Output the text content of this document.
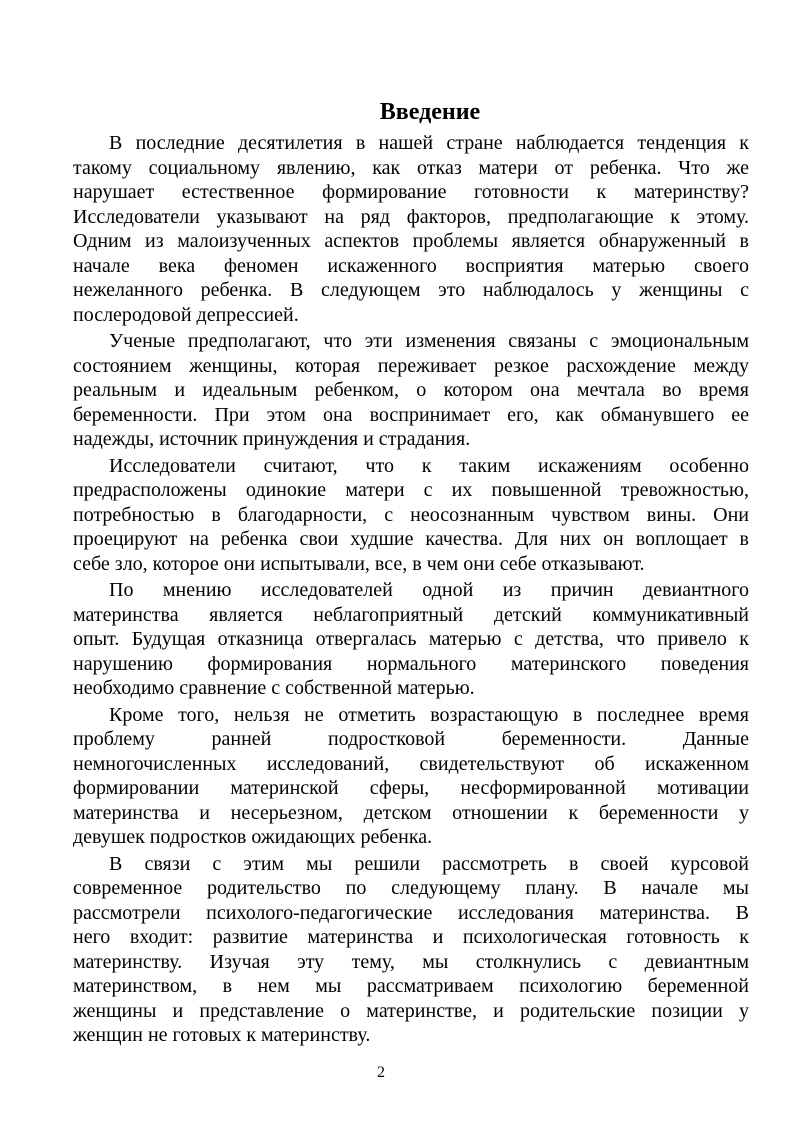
Введение
В последние десятилетия в нашей стране наблюдается тенденция к
такому социальному явлению, как отказ матери от ребенка. Что же
нарушает естественное формирование готовности к материнству?
Исследователи указывают на ряд факторов, предполагающие к этому.
Одним из малоизученных аспектов проблемы является обнаруженный в
начале века феномен искаженного восприятия матерью своего
нежеланного ребенка. В следующем это наблюдалось у женщины с
послеродовой депрессией.
Ученые предполагают, что эти изменения связаны с эмоциональным
состоянием женщины, которая переживает резкое расхождение между
реальным и идеальным ребенком, о котором она мечтала во время
беременности. При этом она воспринимает его, как обманувшего ее
надежды, источник принуждения и страдания.
Исследователи считают, что к таким искажениям особенно
предрасположены одинокие матери с их повышенной тревожностью,
потребностью в благодарности, с неосознанным чувством вины. Они
проецируют на ребенка свои худшие качества. Для них он воплощает в
себе зло, которое они испытывали, все, в чем они себе отказывают.
По мнению исследователей одной из причин девиантного
материнства является неблагоприятный детский коммуникативный
опыт. Будущая отказница отвергалась матерью с детства, что привело к
нарушению формирования нормального материнского поведения
необходимо сравнение с собственной матерью.
Кроме того, нельзя не отметить возрастающую в последнее время
проблему ранней подростковой беременности. Данные
немногочисленных исследований, свидетельствуют об искаженном
формировании материнской сферы, несформированной мотивации
материнства и несерьезном, детском отношении к беременности у
девушек подростков ожидающих ребенка.
В связи с этим мы решили рассмотреть в своей курсовой
современное родительство по следующему плану. В начале мы
рассмотрели психолого-педагогические исследования материнства. В
него входит: развитие материнства и психологическая готовность к
материнству. Изучая эту тему, мы столкнулись с девиантным
материнством, в нем мы рассматриваем психологию беременной
женщины и представление о материнстве, и родительские позиции у
женщин не готовых к материнству.
2
